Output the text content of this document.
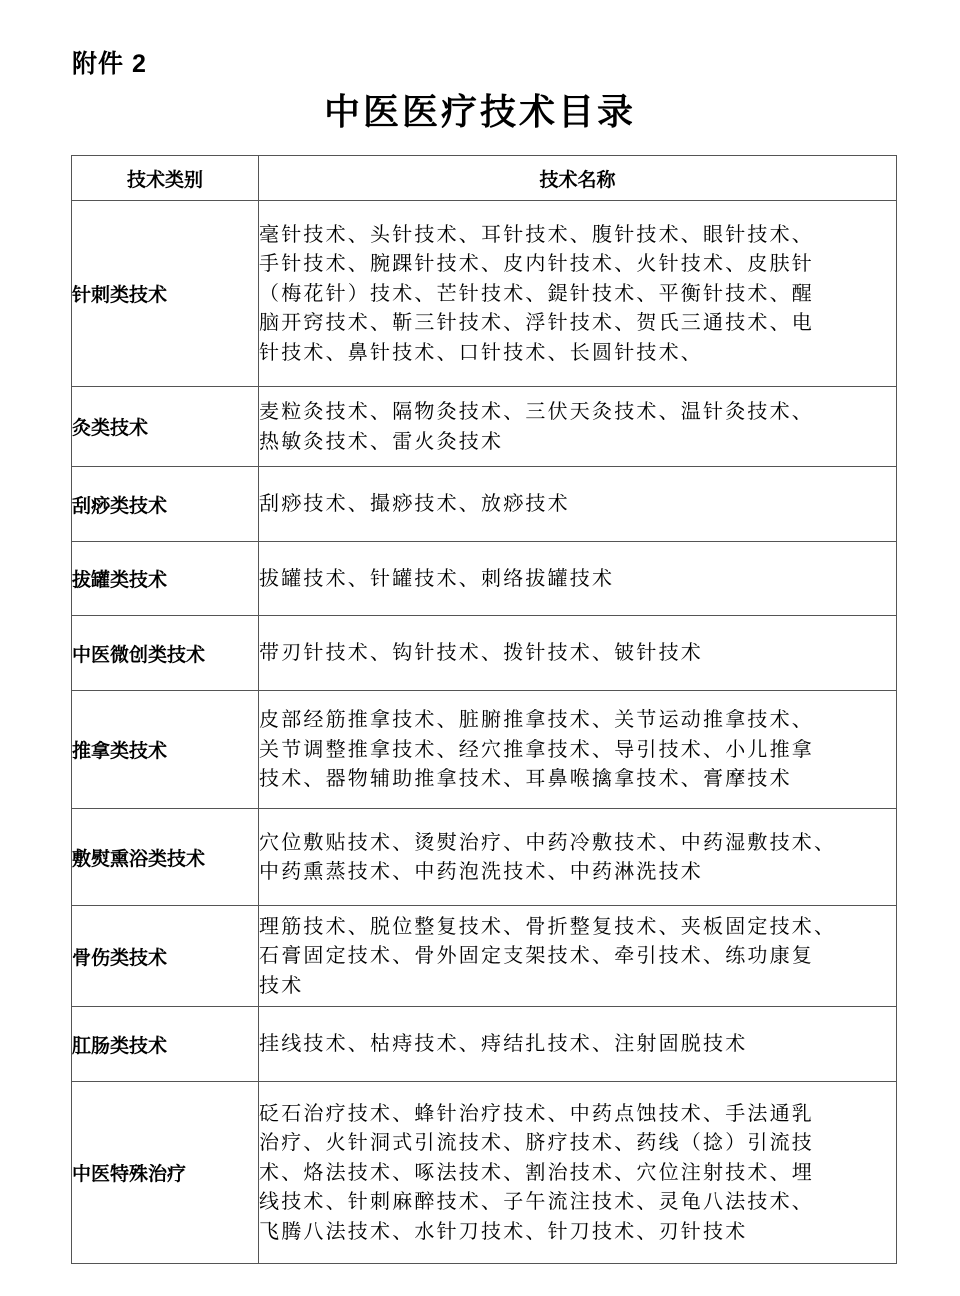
附件 2
中医医疗技术目录
技术类别	技术名称
针刺类技术	毫针技术、头针技术、耳针技术、腹针技术、眼针技术、
手针技术、腕踝针技术、皮内针技术、火针技术、皮肤针
（梅花针）技术、芒针技术、鍉针技术、平衡针技术、醒
脑开窍技术、靳三针技术、浮针技术、贺氏三通技术、电
针技术、鼻针技术、口针技术、长圆针技术、

灸类技术	麦粒灸技术、隔物灸技术、三伏天灸技术、温针灸技术、
热敏灸技术、雷火灸技术

刮痧类技术	刮痧技术、撮痧技术、放痧技术

拔罐类技术	拔罐技术、针罐技术、刺络拔罐技术

中医微创类技术	带刃针技术、钩针技术、拨针技术、铍针技术

推拿类技术	皮部经筋推拿技术、脏腑推拿技术、关节运动推拿技术、
关节调整推拿技术、经穴推拿技术、导引技术、小儿推拿
技术、器物辅助推拿技术、耳鼻喉擒拿技术、膏摩技术

敷熨熏浴类技术	穴位敷贴技术、烫熨治疗、中药冷敷技术、中药湿敷技术、
中药熏蒸技术、中药泡洗技术、中药淋洗技术

骨伤类技术	理筋技术、脱位整复技术、骨折整复技术、夹板固定技术、
石膏固定技术、骨外固定支架技术、牵引技术、练功康复
技术

肛肠类技术	挂线技术、枯痔技术、痔结扎技术、注射固脱技术

中医特殊治疗	砭石治疗技术、蜂针治疗技术、中药点蚀技术、手法通乳
治疗、火针洞式引流技术、脐疗技术、药线（捻）引流技
术、烙法技术、啄法技术、割治技术、穴位注射技术、埋
线技术、针刺麻醉技术、子午流注技术、灵龟八法技术、
飞腾八法技术、水针刀技术、针刀技术、刃针技术
